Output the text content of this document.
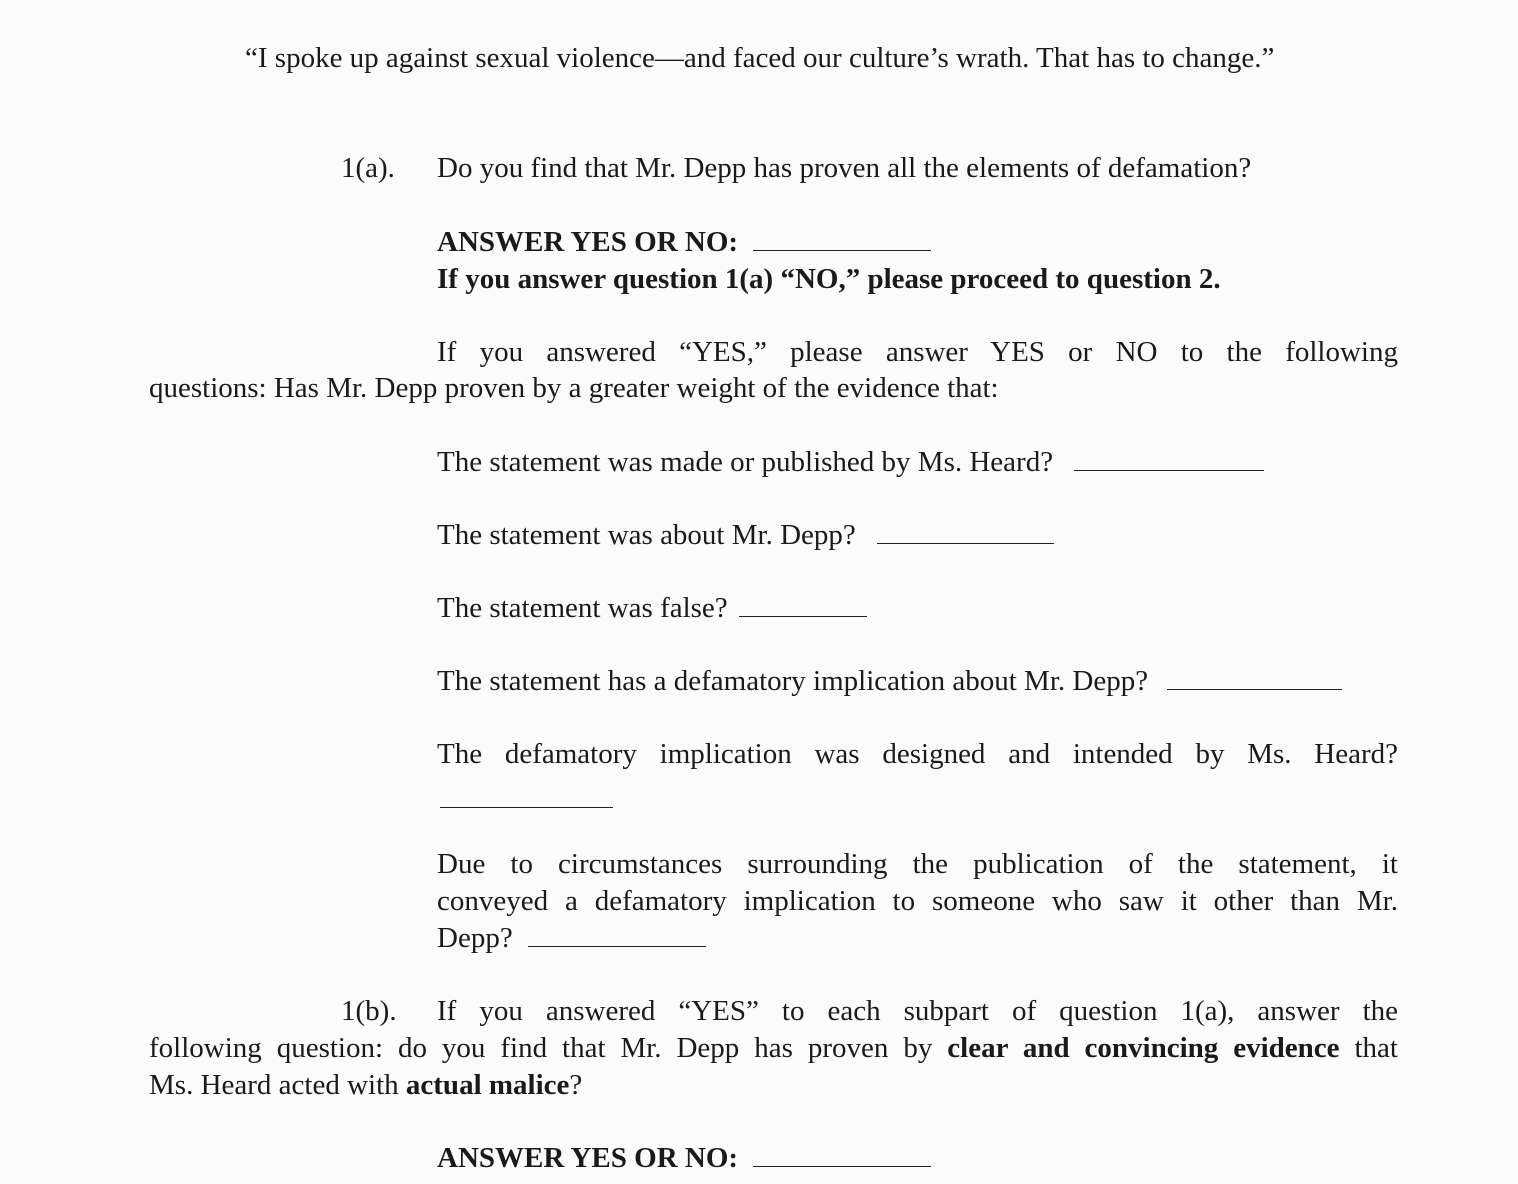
“I spoke up against sexual violence—and faced our culture’s wrath. That has to change.”
1(a). Do you find that Mr. Depp has proven all the elements of defamation?
ANSWER YES OR NO:
If you answer question 1(a) “NO,” please proceed to question 2.
If you answered “YES,” please answer YES or NO to the following
questions: Has Mr. Depp proven by a greater weight of the evidence that:
The statement was made or published by Ms. Heard?
The statement was about Mr. Depp?
The statement was false?
The statement has a defamatory implication about Mr. Depp?
The defamatory implication was designed and intended by Ms. Heard?
Due to circumstances surrounding the publication of the statement, it
conveyed a defamatory implication to someone who saw it other than Mr.
Depp?
1(b). If you answered “YES” to each subpart of question 1(a), answer the
following question: do you find that Mr. Depp has proven by clear and convincing evidence that
Ms. Heard acted with actual malice?
ANSWER YES OR NO:
